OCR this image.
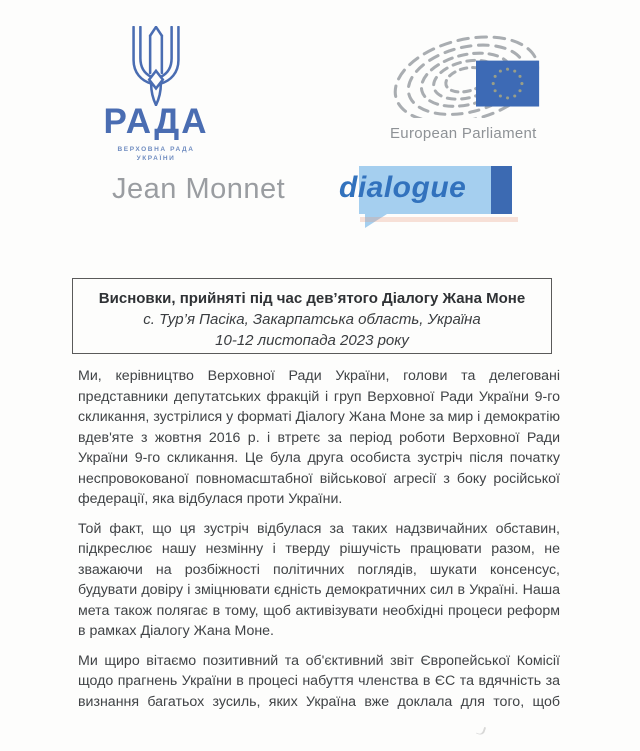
РАДА
ВЕРХОВНА РАДА
УКРАЇНИ
European Parliament
Jean Monnet dialogue
Висновки, прийняті під час дев’ятого Діалогу Жана Моне
с. Тур’я Пасіка, Закарпатська область, Україна
10-12 листопада 2023 року
Ми, керівництво Верховної Ради України, голови та делеговані
представники депутатських фракцій і груп Верховної Ради України 9-го
скликання, зустрілися у форматі Діалогу Жана Моне за мир і демократію
вдев'яте з жовтня 2016 р. і втретє за період роботи Верховної Ради
України 9-го скликання. Це була друга особиста зустріч після початку
неспровокованої повномасштабної військової агресії з боку російської
федерації, яка відбулася проти України.
Той факт, що ця зустріч відбулася за таких надзвичайних обставин,
підкреслює нашу незмінну і тверду рішучість працювати разом, не
зважаючи на розбіжності політичних поглядів, шукати консенсус,
будувати довіру і зміцнювати єдність демократичних сил в Україні. Наша
мета також полягає в тому, щоб активізувати необхідні процеси реформ
в рамках Діалогу Жана Моне.
Ми щиро вітаємо позитивний та об'єктивний звіт Європейської Комісії
щодо прагнень України в процесі набуття членства в ЄС та вдячність за
визнання багатьох зусиль, яких Україна вже доклала для того, щоб
